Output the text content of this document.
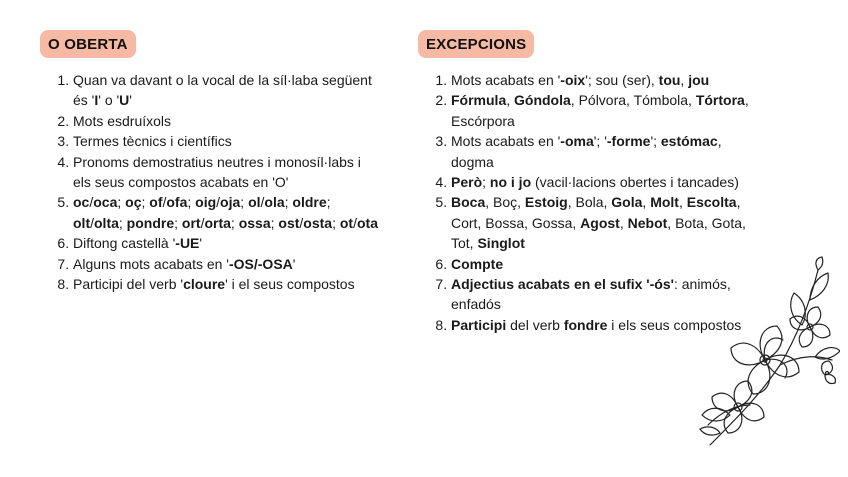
O OBERTA
1. Quan va davant o la vocal de la síl·laba següent és 'I' o 'U'
2. Mots esdruíxols
3. Termes tècnics i científics
4. Pronoms demostratius neutres i monosíl·labs i els seus compostos acabats en 'O'
5. oc/oca; oç; of/ofa; oig/oja; ol/ola; oldre; olt/olta; pondre; ort/orta; ossa; ost/osta; ot/ota
6. Diftong castellà '-UE'
7. Alguns mots acabats en '-OS/-OSA'
8. Participi del verb 'cloure' i el seus compostos
EXCEPCIONS
1. Mots acabats en '-oix'; sou (ser), tou, jou
2. Fórmula, Góndola, Pólvora, Tómbola, Tórtora, Escórpora
3. Mots acabats en '-oma'; '-forme'; estómac, dogma
4. Però; no i jo (vacil·lacions obertes i tancades)
5. Boca, Boç, Estoig, Bola, Gola, Molt, Escolta, Cort, Bossa, Gossa, Agost, Nebot, Bota, Gota, Tot, Singlot
6. Compte
7. Adjectius acabats en el sufix '-ós': animós, enfadós
8. Participi del verb fondre i els seus compostos
